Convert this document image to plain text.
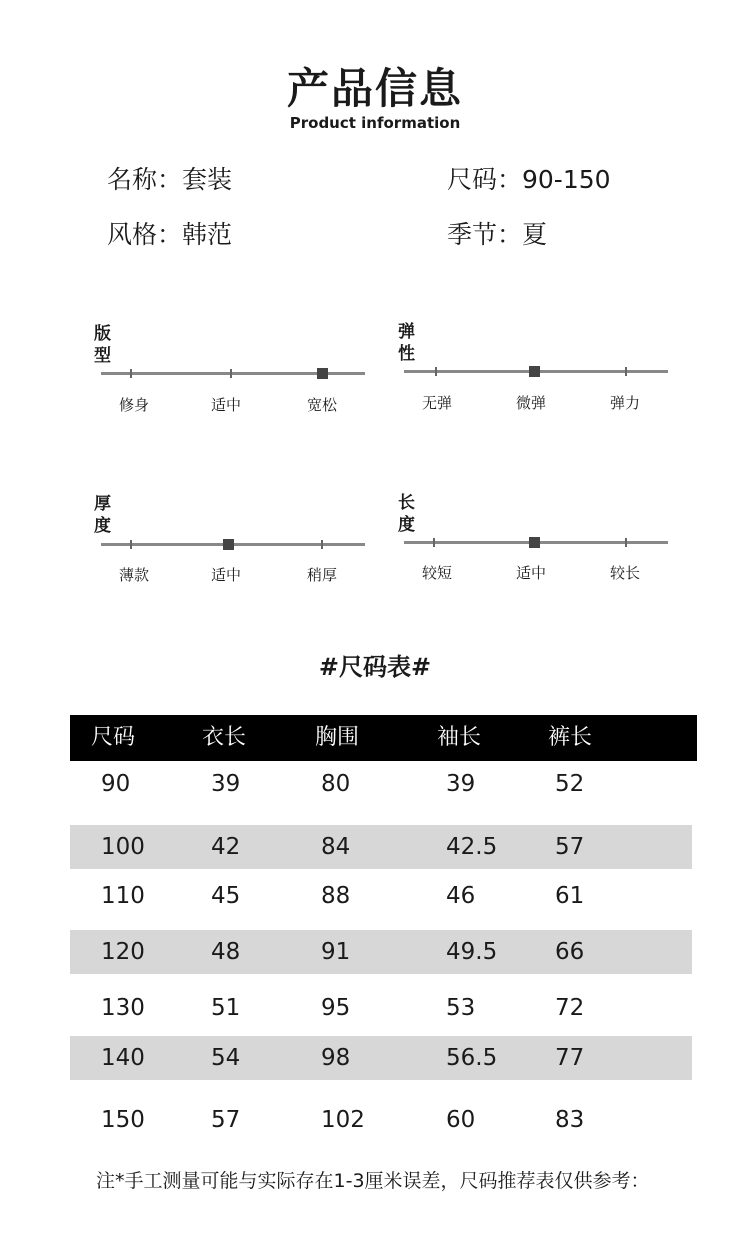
产品信息
Product information
名称：套装	尺码：90-150
风格：韩范	季节：夏
版型
修身	适中	宽松
弹性
无弹	微弹	弹力
厚度
薄款	适中	稍厚
长度
较短	适中	较长
#尺码表#
尺码	衣长	胸围	袖长	裤长
90	39	80	39	52
100	42	84	42.5	57
110	45	88	46	61
120	48	91	49.5	66
130	51	95	53	72
140	54	98	56.5	77
150	57	102	60	83
注*手工测量可能与实际存在1-3厘米误差，尺码推荐表仅供参考：
